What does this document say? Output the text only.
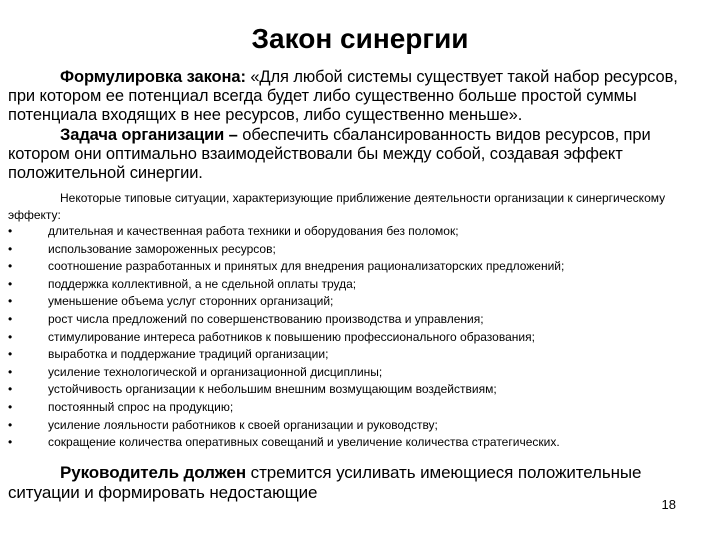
Закон синергии
Формулировка закона: «Для любой системы существует такой набор ресурсов, при котором ее потенциал всегда будет либо существенно больше простой суммы потенциала входящих в нее ресурсов, либо существенно меньше».
Задача организации – обеспечить сбалансированность видов ресурсов, при котором они оптимально взаимодействовали бы между собой, создавая эффект положительной синергии.
Некоторые типовые ситуации, характеризующие приближение деятельности организации к синергическому эффекту:
•	длительная и качественная работа техники и оборудования без поломок;
•	использование замороженных ресурсов;
•	соотношение разработанных и принятых для внедрения рационализаторских предложений;
•	поддержка коллективной, а не сдельной оплаты труда;
•	уменьшение объема услуг сторонних организаций;
•	рост числа предложений по совершенствованию производства и управления;
•	стимулирование интереса работников к повышению профессионального образования;
•	выработка и поддержание традиций организации;
•	усиление технологической и организационной дисциплины;
•	устойчивость организации к небольшим внешним возмущающим воздействиям;
•	постоянный спрос на продукцию;
•	усиление лояльности работников к своей организации и руководству;
•	сокращение количества оперативных совещаний и увеличение количества стратегических.
Руководитель должен стремится усиливать имеющиеся положительные ситуации и формировать недостающие
18
